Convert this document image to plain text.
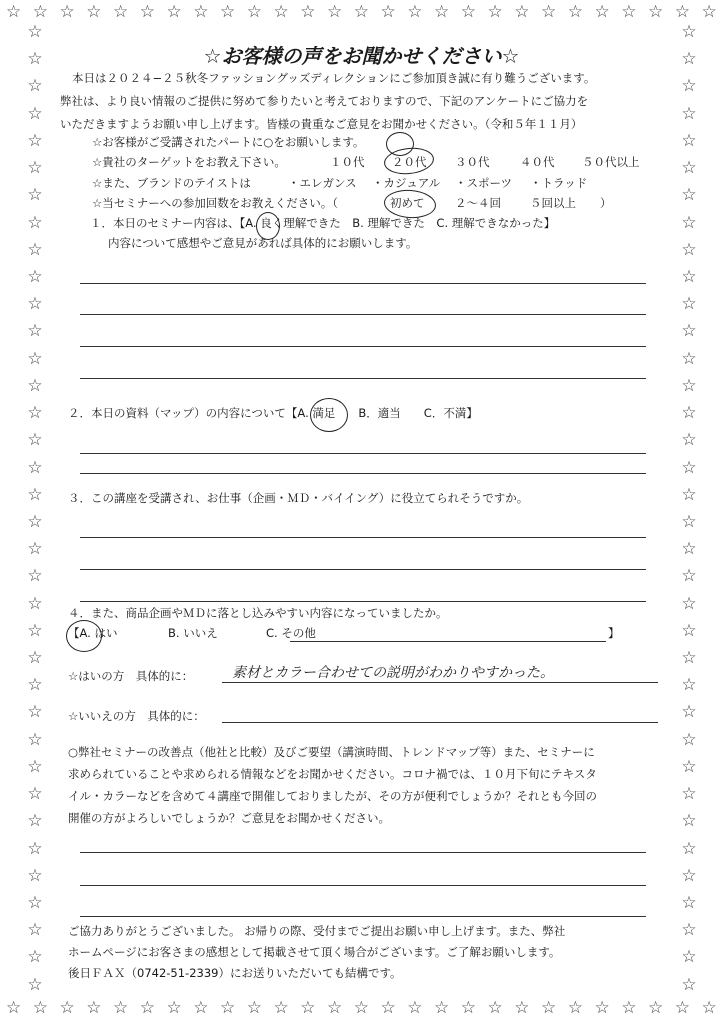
☆ ☆ ☆ ☆ ☆ ☆ ☆ ☆ ☆ ☆ ☆ ☆ ☆ ☆ ☆ ☆ ☆ ☆ ☆ ☆ ☆ ☆ ☆ ☆ ☆ ☆ ☆
☆ ☆ ☆ ☆ ☆ ☆ ☆ ☆ ☆ ☆ ☆ ☆ ☆ ☆ ☆ ☆ ☆ ☆ ☆ ☆ ☆ ☆ ☆ ☆ ☆ ☆ ☆
☆
☆
☆
☆
☆
☆
☆
☆
☆
☆
☆
☆
☆
☆
☆
☆
☆
☆
☆
☆
☆
☆
☆
☆
☆
☆
☆
☆
☆
☆
☆
☆
☆
☆
☆
☆
☆
☆
☆
☆
☆
☆
☆
☆
☆
☆
☆
☆
☆
☆
☆
☆
☆
☆
☆
☆
☆
☆
☆
☆
☆
☆
☆
☆
☆
☆
☆
☆
☆
☆
☆
☆
☆お客様の声をお聞かせください☆
本日は２０２４−２５秋冬ファッショングッズディレクションにご参加頂き誠に有り難うございます。
弊社は、より良い情報のご提供に努めて参りたいと考えておりますので、下記のアンケートにご協力を
いただきますようお願い申し上げます。皆様の貴重なご意見をお聞かせください。（令和５年１１月）
☆お客様がご受講されたパートに○をお願いします。
☆貴社のターゲットをお教え下さい。	１０代 ２０代 ３０代	４０代 ５０代以上
☆また、ブランドのテイストは	・エレガンス ・カジュアル ・スポーツ ・トラッド
☆当セミナーへの参加回数をお教えください。（	初めて	２〜４回	５回以上 ）
１．本日のセミナー内容は、【A. 良く理解できた　B. 理解できた　C. 理解できなかった】
内容について感想やご意見があれば具体的にお願いします。
２．本日の資料（マップ）の内容について【A. 満足　　B．適当　　C．不満】
３．この講座を受講され、お仕事（企画・ＭＤ・バイイング）に役立てられそうですか。
４．また、商品企画やＭＤに落とし込みやすい内容になっていましたか。
【A. はい	B. いいえ	C. その他	】
☆はいの方　具体的に：	素材とカラー合わせての説明がわかりやすかった。
☆いいえの方　具体的に：
○弊社セミナーの改善点（他社と比較）及びご要望（講演時間、トレンドマップ等）また、セミナーに
求められていることや求められる情報などをお聞かせください。コロナ禍では、１０月下旬にテキスタ
イル・カラーなどを含めて４講座で開催しておりましたが、その方が便利でしょうか？それとも今回の
開催の方がよろしいでしょうか？ご意見をお聞かせください。
ご協力ありがとうございました。 お帰りの際、受付までご提出お願い申し上げます。また、弊社
ホームページにお客さまの感想として掲載させて頂く場合がございます。ご了解お願いします。
後日ＦＡＸ（0742-51-2339）にお送りいただいても結構です。
